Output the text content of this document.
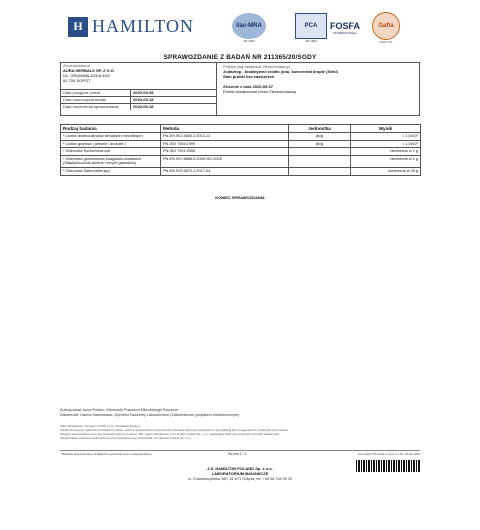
H HAMILTON	ilac-MRA
AB 1084
PCA
AB 1084
FOSFA
INTERNATIONAL
Gafta
ANALYST
SPRAWOZDANIE Z BADAŃ NR 211365/20/SGDY
Zleceniodawca
AURA HERBALS SP. Z O.O
UL. GRUNWALDZKA 49/2
81-754 SOPOT
Data przyjęcia próbki	2020-05-08
Data rozpoczęcia badań	2020-05-18
Data ukończenia sprawozdania	2020-05-18
Próbka (wg deklaracji Zleceniodawcy)
Jodadrop - bioaktywne źródło jodu, koncentrat krople (30ml)
Stan próbki bez zastrzeżeń
Zlecenie z dnia 2020-05-07
Próbki dostarczone przez Zleceniodawcę
Rodzaj badania	Metoda	Jednostka	Wynik
* Liczba drobnoustrojów tlenowych mezofilnych	PN-EN ISO 4833-1:2013-12	jtk/g	< 1,0x10¹
* Liczba grzybów ( pleśnie i drożdże )	PN-ISO 7954:1999	jtk/g	< 1,0x10¹
* Obecność Escherichia coli	PN-ISO 7251:2006		nieobecne w 1 g
* Obecność gronkowców koagulazo-dodatnich (Staphylococcus aureus i innych gatunków)	PN-EN ISO 6888-3:2004+AC:2005		nieobecne w 1 g
* Obecność Salmonella spp.	PN-EN ISO 6579-1:2017-04		nieobecne w 25 g
KONIEC SPRAWOZDANIA
Autoryzował: Anna Polarin, Kierownik Pracowni Mikrobiologii Szczecin
Zatwierdził: Hanna Machowska, Dyrektor Naczelny Laboratorium (Zatwierdzone podpisem elektronicznym)
Adres laboratorium: Szczecin 70-605, ul. ks. Stanisława Kujota 2
Wyniki odnoszą się wyłącznie do badanych próbek. Jeżeli w sprawozdaniu zamieszczono informacje dotyczące zgodności ze specyfikacją lub wymaganiami 3 z podanych przez klienta.
Niniejsze sprawozdanie może być powielane jedynie w całości. Bez zgody Laboratorium J.S. Hamilton Poland Sp. z o.o. zawierające informacje dotyczące procedur badawczych.
Sprawozdanie podpisane elektronicznie przez upoważnionego pracownika J.S. Hamilton Poland Sp. z o.o.
* Badanie akredytowane; # Badanie wykonane przez podwykonawcę	Strona 1 / 1	Formularz P5-10/01 w wyd. 3 z dn. 20.01.2020
J.S. HAMILTON POLAND Sp. z o.o.
LABORATORIUM BADAWCZE
ul. Chwaszczyńska 180, 81-571 Gdynia, tel. +48 58 766 99 00
